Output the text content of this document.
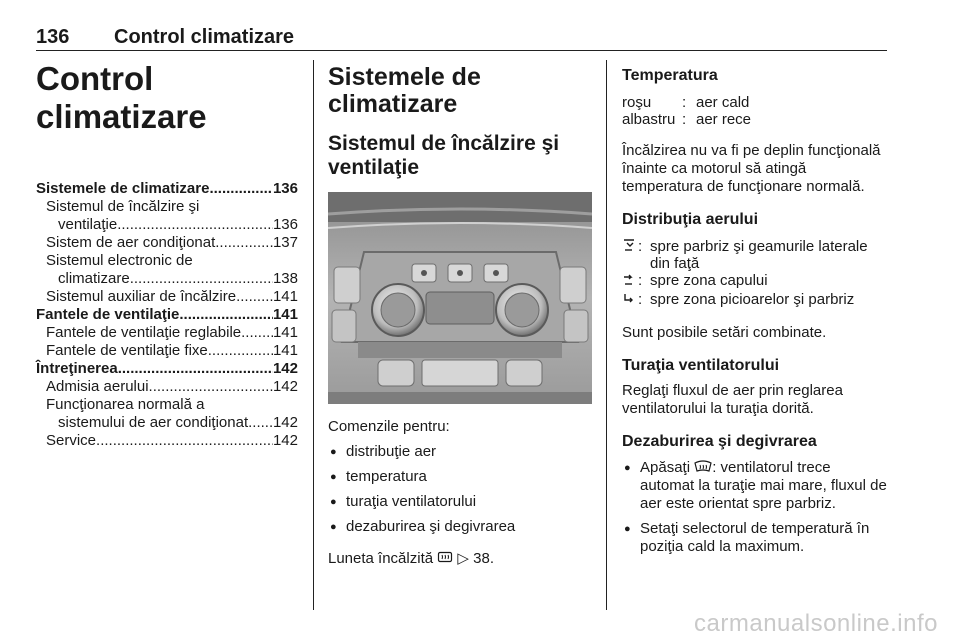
136	Control climatizare
Control climatizare
Sistemele de climatizare .....	136
Sistemul de încălzire şi
ventilaţie .....	136
Sistem de aer condiţionat .....	137
Sistemul electronic de
climatizare .....	138
Sistemul auxiliar de încălzire ..... 141
Fantele de ventilaţie .....	141
Fantele de ventilaţie reglabile ..... 141
Fantele de ventilaţie fixe .....	141
Întreţinerea .....	142
Admisia aerului .....	142
Funcţionarea normală a
sistemului de aer condiţionat ..... 142
Service .....	142
Sistemele de climatizare
Sistemul de încălzire şi ventilaţie

Comenzile pentru:

● distribuţie aer
● temperatura
● turaţia ventilatorului
● dezaburirea şi degivrarea

Luneta încălzită ▷ 38.

Temperatura
roşu	:	aer cald
albastru	:	aer rece

Încălzirea nu va fi pe deplin funcţională înainte ca motorul să atingă temperatura de funcţionare normală.

Distribuţia aerului
: spre parbriz şi geamurile laterale din faţă
: spre zona capului
: spre zona picioarelor şi parbriz

Sunt posibile setări combinate.

Turaţia ventilatorului

Reglaţi fluxul de aer prin reglarea ventilatorului la turaţia dorită.

Dezaburirea şi degivrarea
● Apăsaţi : ventilatorul trece automat la turaţie mai mare, fluxul de aer este orientat spre parbriz.
● Setaţi selectorul de temperatură în poziţia cald la maximum.
carmanualsonline.info
